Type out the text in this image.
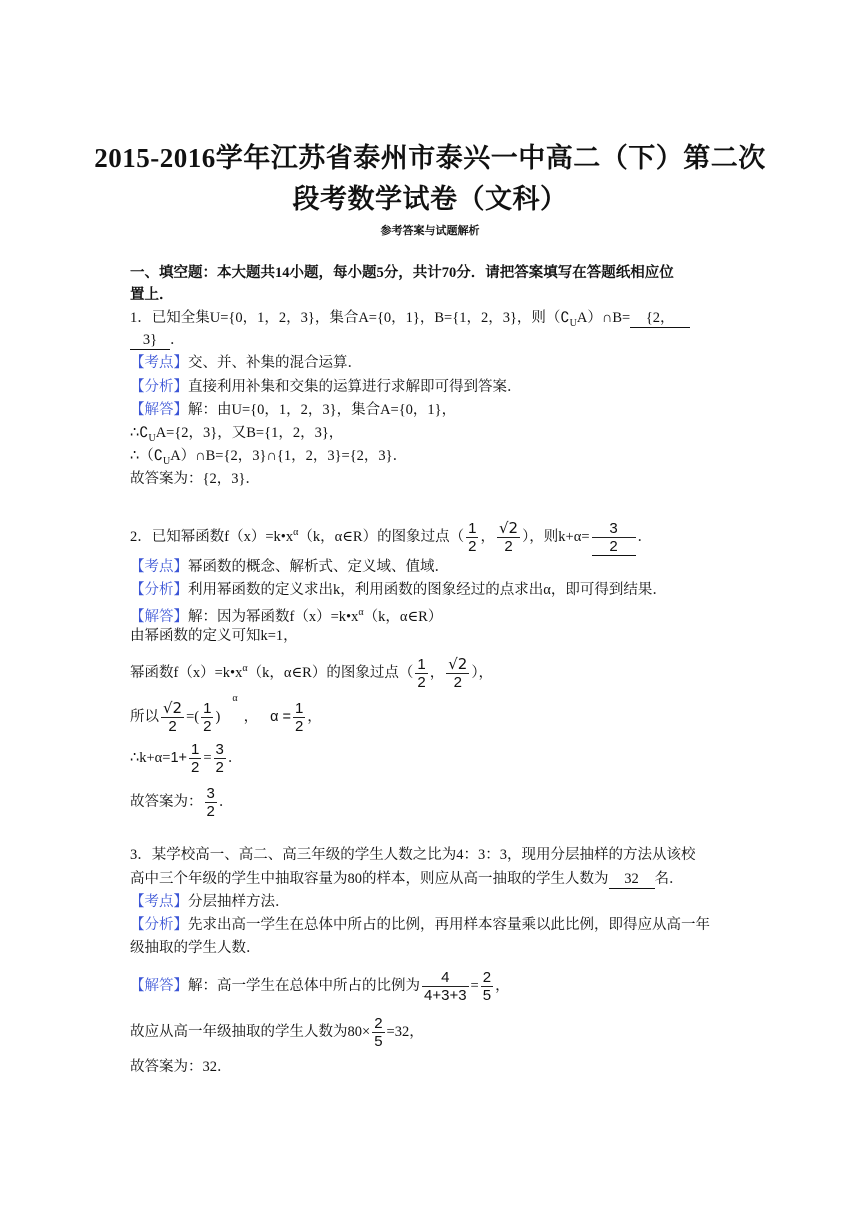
2015-2016学年江苏省泰州市泰兴一中高二（下）第二次
段考数学试卷（文科）
参考答案与试题解析
一、填空题：本大题共14小题，每小题5分，共计70分．请把答案填写在答题纸相应位
置上．
1．已知全集U={0，1，2，3}，集合A={0，1}，B={1，2，3}，则$(∁_UA)\cap B= \{2$，
3} ．
【考点】交、并、补集的混合运算．
【分析】直接利用补集和交集的运算进行求解即可得到答案．
【解答】解：由U={0，1，2，3}，集合A={0，1}，
$\therefore∁_UA=\{2$，3}，又B={1，2，3}，
$\therefore(∁_UA)\cap B=\{2$，3}∩{1，2，3}={2，3}．
故答案为：{2，3}．
2．已知幂函数$f(x)=k•x^\alpha(k$，α∈R）的图象过点（ $\frac{1}{2}$ ， $\frac{√2}{2}$ ），则$k+\alpha= \frac{3}{2}$ ．
【考点】幂函数的概念、解析式、定义域、值域．
【分析】利用幂函数的定义求出k，利用函数的图象经过的点求出α，即可得到结果．
【解答】解：因为幂函数$f(x)=k•x^\alpha(k$，α∈R）
由幂函数的定义可知k=1，
幂函数$f(x)=k•x^\alpha(k$，α∈R）的图象过点（ $\frac{1}{2}$ ， $\frac{√2}{2}$ ），
所以 $\frac{√2}{2}$ =( $\frac{1}{2} )^\alpha$， $\alpha = \frac{1}{2}$ ，
∴k+α=1+ $\frac{1}{2} = \frac{3}{2}$ ．
故答案为： $\frac{3}{2}$ ．
3．某学校高一、高二、高三年级的学生人数之比为4：3：3，现用分层抽样的方法从该校
高中三个年级的学生中抽取容量为80的样本，则应从高一抽取的学生人数为 32 名．
【考点】分层抽样方法．
【分析】先求出高一学生在总体中所占的比例，再用样本容量乘以此比例，即得应从高一年
级抽取的学生人数．
【解答】解：高一学生在总体中所占的比例为 $\frac{4}{4+3+3} = \frac{2}{5}$ ，
故应从高一年级抽取的学生人数为$80\times \frac{2}{5} =32$，
故答案为：32．
